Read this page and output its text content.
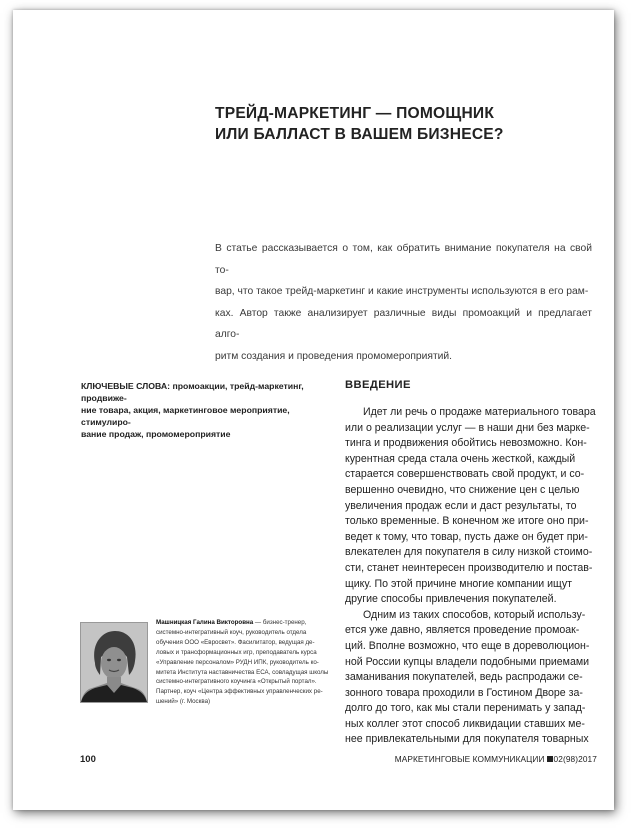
ТРЕЙД-МАРКЕТИНГ — ПОМОЩНИК
ИЛИ БАЛЛАСТ В ВАШЕМ БИЗНЕСЕ?
В статье рассказывается о том, как обратить внимание покупателя на свой то-
вар, что такое трейд-маркетинг и какие инструменты используются в его рам-
ках. Автор также анализирует различные виды промоакций и предлагает алго-
ритм создания и проведения промомероприятий.
КЛЮЧЕВЫЕ СЛОВА: промоакции, трейд-маркетинг, продвиже-
ние товара, акция, маркетинговое мероприятие, стимулиро-
вание продаж, промомероприятие
ВВЕДЕНИЕ
Идет ли речь о продаже материального товара
или о реализации услуг — в наши дни без марке-
тинга и продвижения обойтись невозможно. Кон-
курентная среда стала очень жесткой, каждый
старается совершенствовать свой продукт, и со-
вершенно очевидно, что снижение цен с целью
увеличения продаж если и даст результаты, то
только временные. В конечном же итоге оно при-
ведет к тому, что товар, пусть даже он будет при-
влекателен для покупателя в силу низкой стоимо-
сти, станет неинтересен производителю и постав-
щику. По этой причине многие компании ищут
другие способы привлечения покупателей.
Одним из таких способов, который использу-
ется уже давно, является проведение промоак-
ций. Вполне возможно, что еще в дореволюцион-
ной России купцы владели подобными приемами
заманивания покупателей, ведь распродажи се-
зонного товара проходили в Гостином Дворе за-
долго до того, как мы стали перенимать у запад-
ных коллег этот способ ликвидации ставших ме-
нее привлекательными для покупателя товарных
Машницкая Галина Викторовна — бизнес-тренер,
системно-интегративный коуч, руководитель отдела
обучения ООО «Евросвет». Фасилитатор, ведущая де-
ловых и трансформационных игр, преподаватель курса
«Управление персоналом» РУДН ИПК, руководитель ко-
митета Института наставничества ЕСА, совладущая школы
системно-интегративного коучинга «Открытый портал».
Партнер, коуч «Центра эффективных управленческих ре-
шений» (г. Москва)
100	МАРКЕТИНГОВЫЕ КОММУНИКАЦИИ 02(98)2017
